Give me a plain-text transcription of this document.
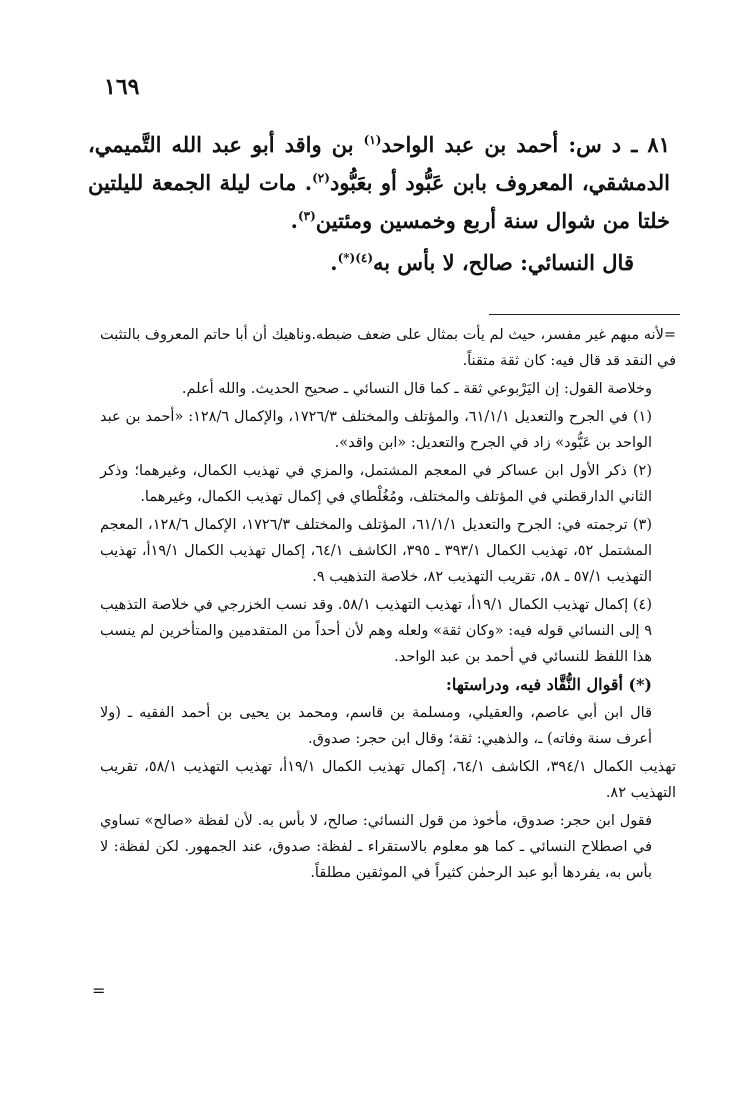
١٦٩

٨١ ـ د س: أحمد بن عبد الواحد$^{(١)}$ بن واقد أبو عبد الله التَّميمي، الدمشقي، المعروف بابن عَبُّود أو بعَبُّود$^{(٢)}$. مات ليلة الجمعة لليلتين خلتا من شوال سنة أربع وخمسين ومئتين$^{(٣)}$.

قال النسائي: صالح، لا بأس به$^{(٤)(*)}$.

=لأنه مبهم غير مفسر، حيث لم يأت بمثال على ضعف ضبطه.وناهيك أن أبا حاتم المعروف بالتثبت في النقد قد قال فيه: كان ثقة متقناً.

وخلاصة القول: إن اليَرْبوعي ثقة ـ كما قال النسائي ـ صحيح الحديث. والله أعلم.

(١) في الجرح والتعديل ٦١/١/١، والمؤتلف والمختلف ١٧٢٦/٣، والإكمال ١٢٨/٦: «أحمد بن عبد الواحد بن عَبُّود» زاد في الجرح والتعديل: «ابن واقد».

(٢) ذكر الأول ابن عساكر في المعجم المشتمل، والمزي في تهذيب الكمال، وغيرهما؛ وذكر الثاني الدارقطني في المؤتلف والمختلف، ومُغُلْطاي في إكمال تهذيب الكمال، وغيرهما.

(٣) ترجمته في: الجرح والتعديل ٦١/١/١، المؤتلف والمختلف ١٧٢٦/٣، الإكمال ١٢٨/٦، المعجم المشتمل ٥٢، تهذيب الكمال ٣٩٣/١ ـ ٣٩٥، الكاشف ٦٤/١، إكمال تهذيب الكمال ١٩/١أ، تهذيب التهذيب ٥٧/١ ـ ٥٨، تقريب التهذيب ٨٢، خلاصة التذهيب ٩.

(٤) إكمال تهذيب الكمال ١٩/١أ، تهذيب التهذيب ٥٨/١. وقد نسب الخزرجي في خلاصة التذهيب ٩ إلى النسائي قوله فيه: «وكان ثقة» ولعله وهم لأن أحداً من المتقدمين والمتأخرين لم ينسب هذا اللفظ للنسائي في أحمد بن عبد الواحد.

(*) أقوال النُّقَّاد فيه، ودراستها:

قال ابن أبي عاصم، والعقيلي، ومسلمة بن قاسم، ومحمد بن يحيى بن أحمد الفقيه ـ (ولا أعرف سنة وفاته) ـ، والذهبي: ثقة؛ وقال ابن حجر: صدوق.

تهذيب الكمال ٣٩٤/١، الكاشف ٦٤/١، إكمال تهذيب الكمال ١٩/١أ، تهذيب التهذيب ٥٨/١، تقريب التهذيب ٨٢.

فقول ابن حجر: صدوق، مأخوذ من قول النسائي: صالح، لا بأس به. لأن لفظة «صالح» تساوي في اصطلاح النسائي ـ كما هو معلوم بالاستقراء ـ لفظة: صدوق، عند الجمهور. لكن لفظة: لا بأس به، يفردها أبو عبد الرحمٰن كثيراً في الموثقين مطلقاً.

=
